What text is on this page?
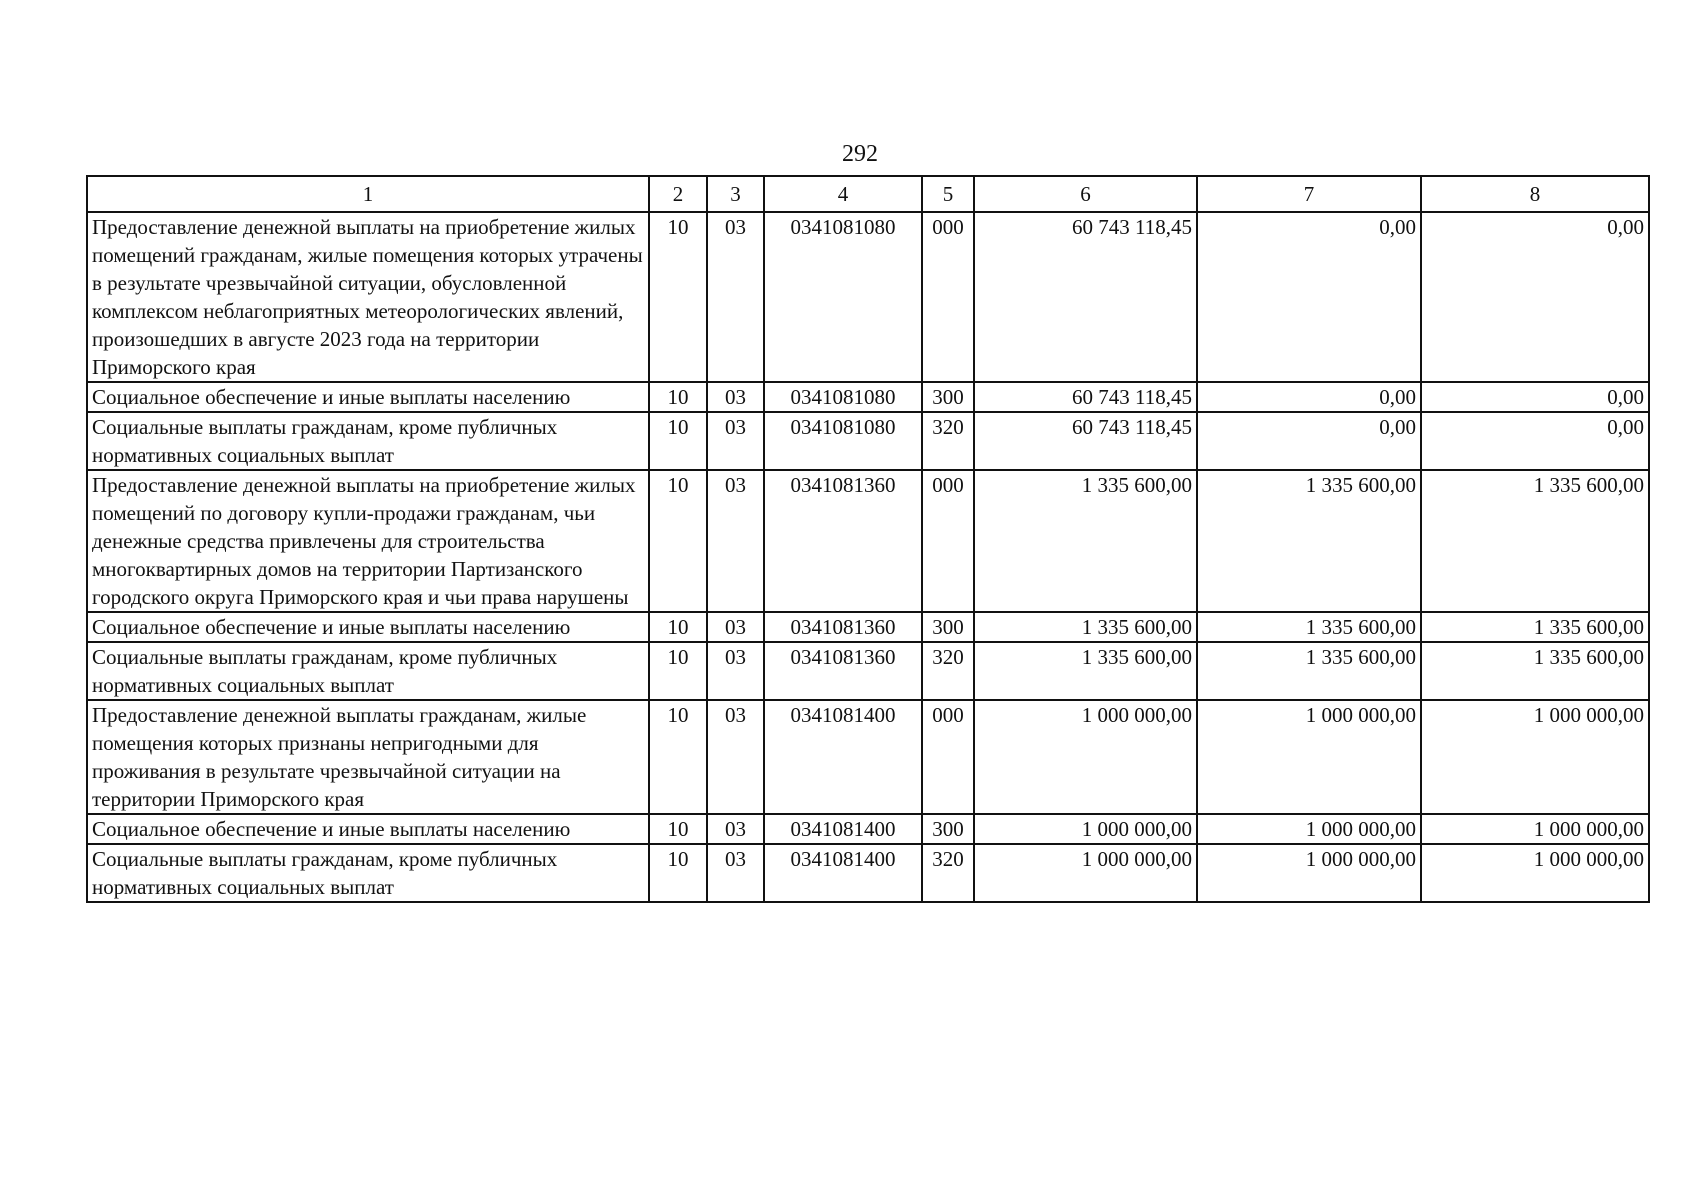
292
1	2	3	4	5	6	7	8
Предоставление денежной выплаты на приобретение жилых помещений гражданам, жилые помещения которых утрачены в результате чрезвычайной ситуации, обусловленной комплексом неблагоприятных метеорологических явлений, произошедших в августе 2023 года на территории Приморского края	10	03	0341081080	000	60 743 118,45	0,00	0,00
Социальное обеспечение и иные выплаты населению	10	03	0341081080	300	60 743 118,45	0,00	0,00
Социальные выплаты гражданам, кроме публичных нормативных социальных выплат	10	03	0341081080	320	60 743 118,45	0,00	0,00
Предоставление денежной выплаты на приобретение жилых помещений по договору купли-продажи гражданам, чьи денежные средства привлечены для строительства многоквартирных домов на территории Партизанского городского округа Приморского края и чьи права нарушены	10	03	0341081360	000	1 335 600,00	1 335 600,00	1 335 600,00
Социальное обеспечение и иные выплаты населению	10	03	0341081360	300	1 335 600,00	1 335 600,00	1 335 600,00
Социальные выплаты гражданам, кроме публичных нормативных социальных выплат	10	03	0341081360	320	1 335 600,00	1 335 600,00	1 335 600,00
Предоставление денежной выплаты гражданам, жилые помещения которых признаны непригодными для проживания в результате чрезвычайной ситуации на территории Приморского края	10	03	0341081400	000	1 000 000,00	1 000 000,00	1 000 000,00
Социальное обеспечение и иные выплаты населению	10	03	0341081400	300	1 000 000,00	1 000 000,00	1 000 000,00
Социальные выплаты гражданам, кроме публичных нормативных социальных выплат	10	03	0341081400	320	1 000 000,00	1 000 000,00	1 000 000,00
